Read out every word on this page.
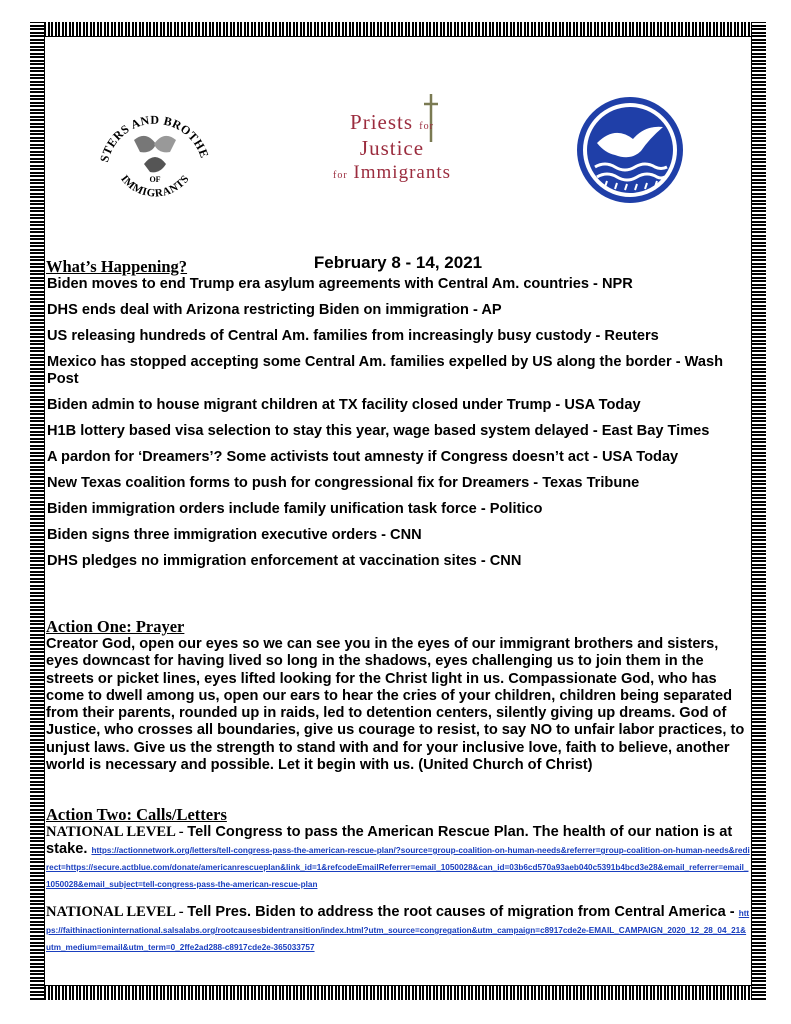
STERS AND BROTHE
IMMIGRANTS
OF
Priests for
Justice
for Immigrants
February 8 - 14, 2021
What’s Happening?
Biden moves to end Trump era asylum agreements with Central Am. countries - NPR
DHS ends deal with Arizona restricting Biden on immigration - AP
US releasing hundreds of Central Am. families from increasingly busy custody - Reuters
Mexico has stopped accepting some Central Am. families expelled by US along the border - Wash Post
Biden admin to house migrant children at TX facility closed under Trump - USA Today
H1B lottery based visa selection to stay this year, wage based system delayed - East Bay Times
A pardon for ‘Dreamers’? Some activists tout amnesty if Congress doesn’t act - USA Today
New Texas coalition forms to push for congressional fix for Dreamers - Texas Tribune
Biden immigration orders include family unification task force - Politico
Biden signs three immigration executive orders - CNN
DHS pledges no immigration enforcement at vaccination sites - CNN
Action One: Prayer

Creator God, open our eyes so we can see you in the eyes of our immigrant brothers and sisters, eyes downcast for having lived so long in the shadows, eyes challenging us to join them in the streets or picket lines, eyes lifted looking for the Christ light in us. Compassionate God, who has come to dwell among us, open our ears to hear the cries of your children, children being separated from their parents, rounded up in raids, led to detention centers, silently giving up dreams. God of Justice, who crosses all boundaries, give us courage to resist, to say NO to unfair labor practices, to unjust laws. Give us the strength to stand with and for your inclusive love, faith to believe, another world is necessary and possible. Let it begin with us. (United Church of Christ)

Action Two: Calls/Letters

NATIONAL LEVEL - Tell Congress to pass the American Rescue Plan. The health of our nation is at stake. https://actionnetwork.org/letters/tell-congress-pass-the-american-rescue-plan/?source=group-coalition-on-human-needs&referrer=group-coalition-on-human-needs&redirect=https://secure.actblue.com/donate/americanrescueplan&link_id=1&refcodeEmailReferrer=email_1050028&can_id=03b6cd570a93aeb040c5391b4bcd3e28&email_referrer=email_1050028&email_subject=tell-congress-pass-the-american-rescue-plan

NATIONAL LEVEL - Tell Pres. Biden to address the root causes of migration from Central America - https://faithinactioninternational.salsalabs.org/rootcausesbidentransition/index.html?utm_source=congregation&utm_campaign=c8917cde2e-EMAIL_CAMPAIGN_2020_12_28_04_21&utm_medium=email&utm_term=0_2ffe2ad288-c8917cde2e-365033757
